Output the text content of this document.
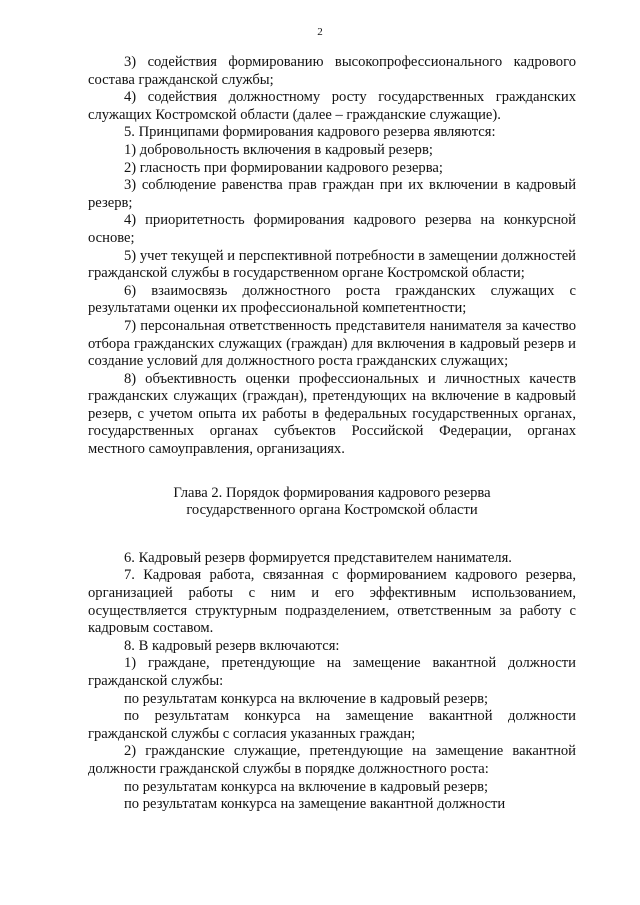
2

3) содействия формированию высокопрофессионального кадрового состава гражданской службы;

4) содействия должностному росту государственных гражданских служащих Костромской области (далее – гражданские служащие).

5. Принципами формирования кадрового резерва являются:

1) добровольность включения в кадровый резерв;

2) гласность при формировании кадрового резерва;

3) соблюдение равенства прав граждан при их включении в кадровый резерв;

4) приоритетность формирования кадрового резерва на конкурсной основе;

5) учет текущей и перспективной потребности в замещении должностей гражданской службы в государственном органе Костромской области;

6) взаимосвязь должностного роста гражданских служащих с результатами оценки их профессиональной компетентности;

7) персональная ответственность представителя нанимателя за качество отбора гражданских служащих (граждан) для включения в кадровый резерв и создание условий для должностного роста гражданских служащих;

8) объективность оценки профессиональных и личностных качеств гражданских служащих (граждан), претендующих на включение в кадровый резерв, с учетом опыта их работы в федеральных государственных органах, государственных органах субъектов Российской Федерации, органах местного самоуправления, организациях.

Глава 2. Порядок формирования кадрового резерва
государственного органа Костромской области

6. Кадровый резерв формируется представителем нанимателя.

7. Кадровая работа, связанная с формированием кадрового резерва, организацией работы с ним и его эффективным использованием, осуществляется структурным подразделением, ответственным за работу с кадровым составом.

8. В кадровый резерв включаются:

1) граждане, претендующие на замещение вакантной должности гражданской службы:

по результатам конкурса на включение в кадровый резерв;

по результатам конкурса на замещение вакантной должности гражданской службы с согласия указанных граждан;

2) гражданские служащие, претендующие на замещение вакантной должности гражданской службы в порядке должностного роста:

по результатам конкурса на включение в кадровый резерв;

по результатам конкурса на замещение вакантной должности
